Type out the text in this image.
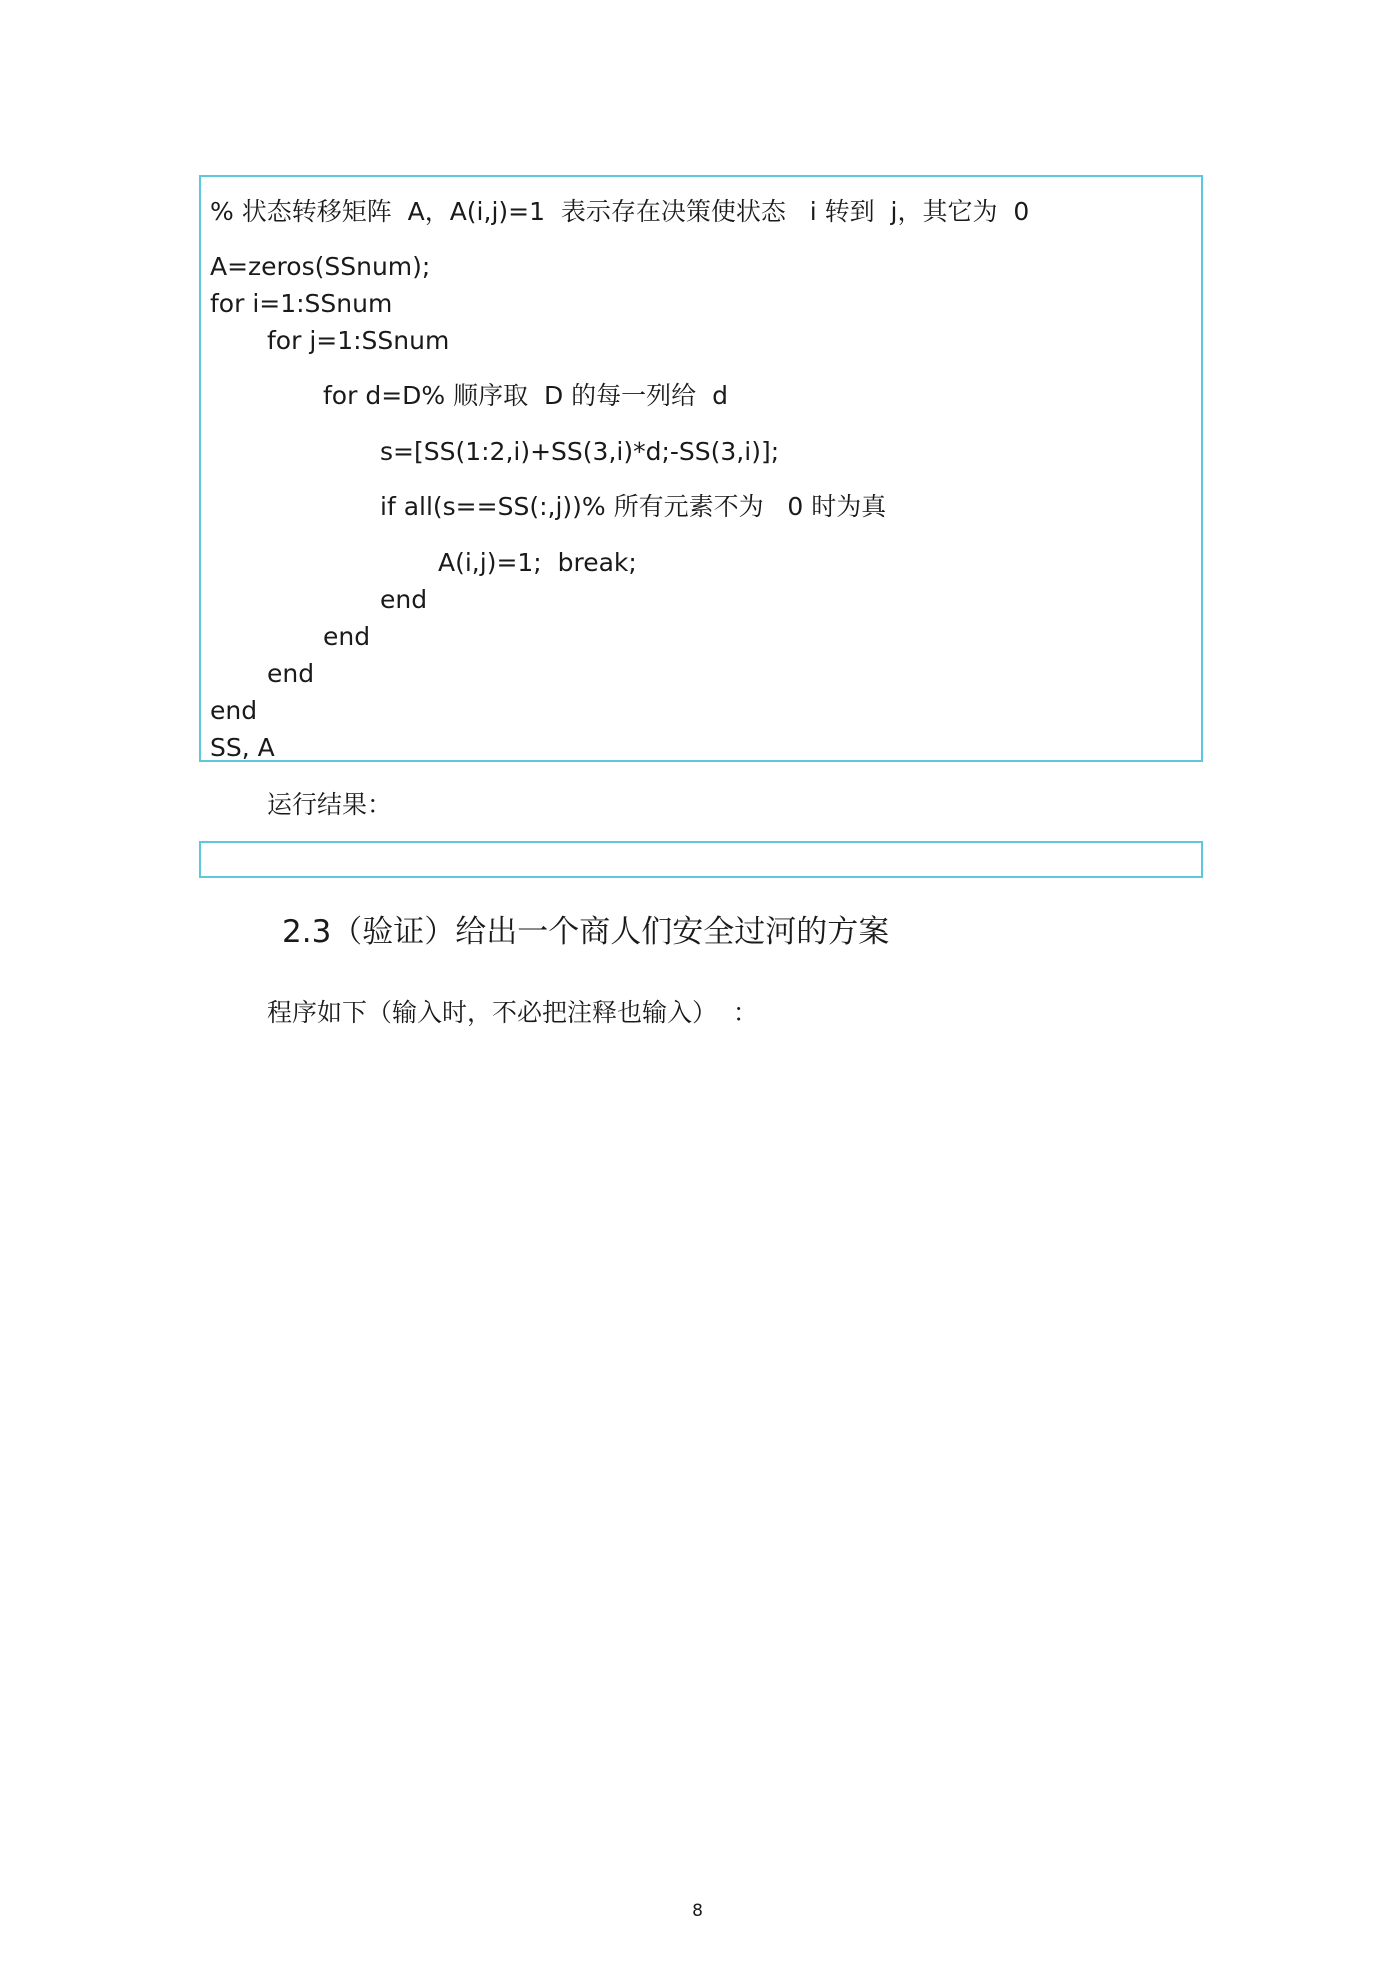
% 状态转移矩阵  A，A(i,j)=1  表示存在决策使状态   i 转到  j，其它为  0
A=zeros(SSnum);
for i=1:SSnum
for j=1:SSnum
for d=D% 顺序取  D 的每一列给  d
s=[SS(1:2,i)+SS(3,i)*d;-SS(3,i)];
if all(s==SS(:,j))% 所有元素不为   0 时为真
A(i,j)=1;  break;
end
end
end
end
SS, A
运行结果：
2.3（验证）给出一个商人们安全过河的方案
程序如下（输入时，不必把注释也输入）  ：
8
